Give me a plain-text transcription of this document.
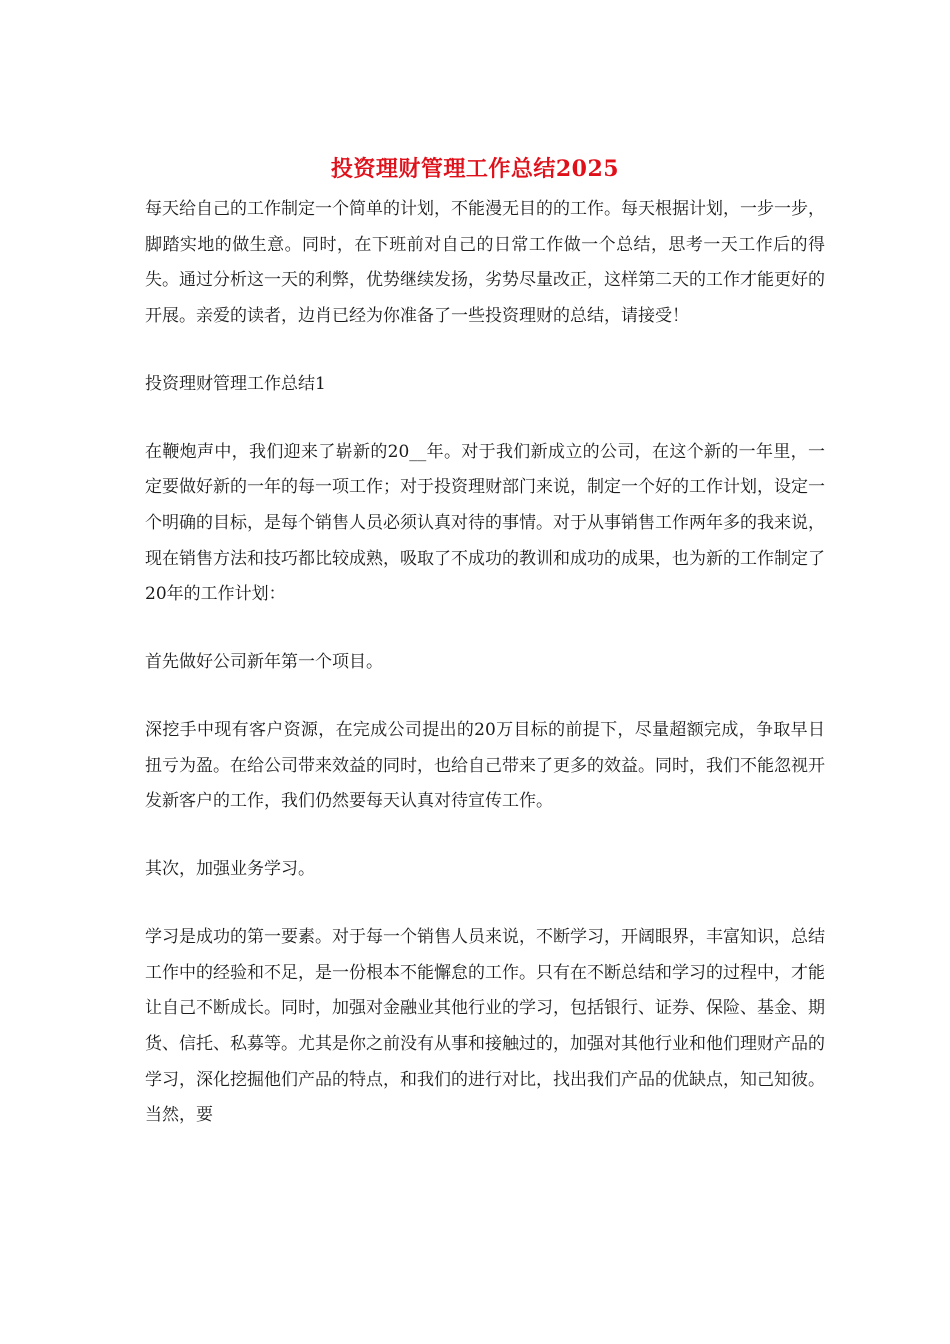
投资理财管理工作总结2025

每天给自己的工作制定一个简单的计划，不能漫无目的的工作。每天根据计划，一步一步，脚踏实地的做生意。同时，在下班前对自己的日常工作做一个总结，思考一天工作后的得失。通过分析这一天的利弊，优势继续发扬，劣势尽量改正，这样第二天的工作才能更好的开展。亲爱的读者，边肖已经为你准备了一些投资理财的总结，请接受！

投资理财管理工作总结1

在鞭炮声中，我们迎来了崭新的20__年。对于我们新成立的公司，在这个新的一年里，一定要做好新的一年的每一项工作；对于投资理财部门来说，制定一个好的工作计划，设定一个明确的目标，是每个销售人员必须认真对待的事情。对于从事销售工作两年多的我来说，现在销售方法和技巧都比较成熟，吸取了不成功的教训和成功的成果，也为新的工作制定了20年的工作计划：

首先做好公司新年第一个项目。

深挖手中现有客户资源，在完成公司提出的20万目标的前提下，尽量超额完成，争取早日扭亏为盈。在给公司带来效益的同时，也给自己带来了更多的效益。同时，我们不能忽视开发新客户的工作，我们仍然要每天认真对待宣传工作。

其次，加强业务学习。

学习是成功的第一要素。对于每一个销售人员来说，不断学习，开阔眼界，丰富知识，总结工作中的经验和不足，是一份根本不能懈怠的工作。只有在不断总结和学习的过程中，才能让自己不断成长。同时，加强对金融业其他行业的学习，包括银行、证券、保险、基金、期货、信托、私募等。尤其是你之前没有从事和接触过的，加强对其他行业和他们理财产品的学习，深化挖掘他们产品的特点，和我们的进行对比，找出我们产品的优缺点，知己知彼。当然，要
